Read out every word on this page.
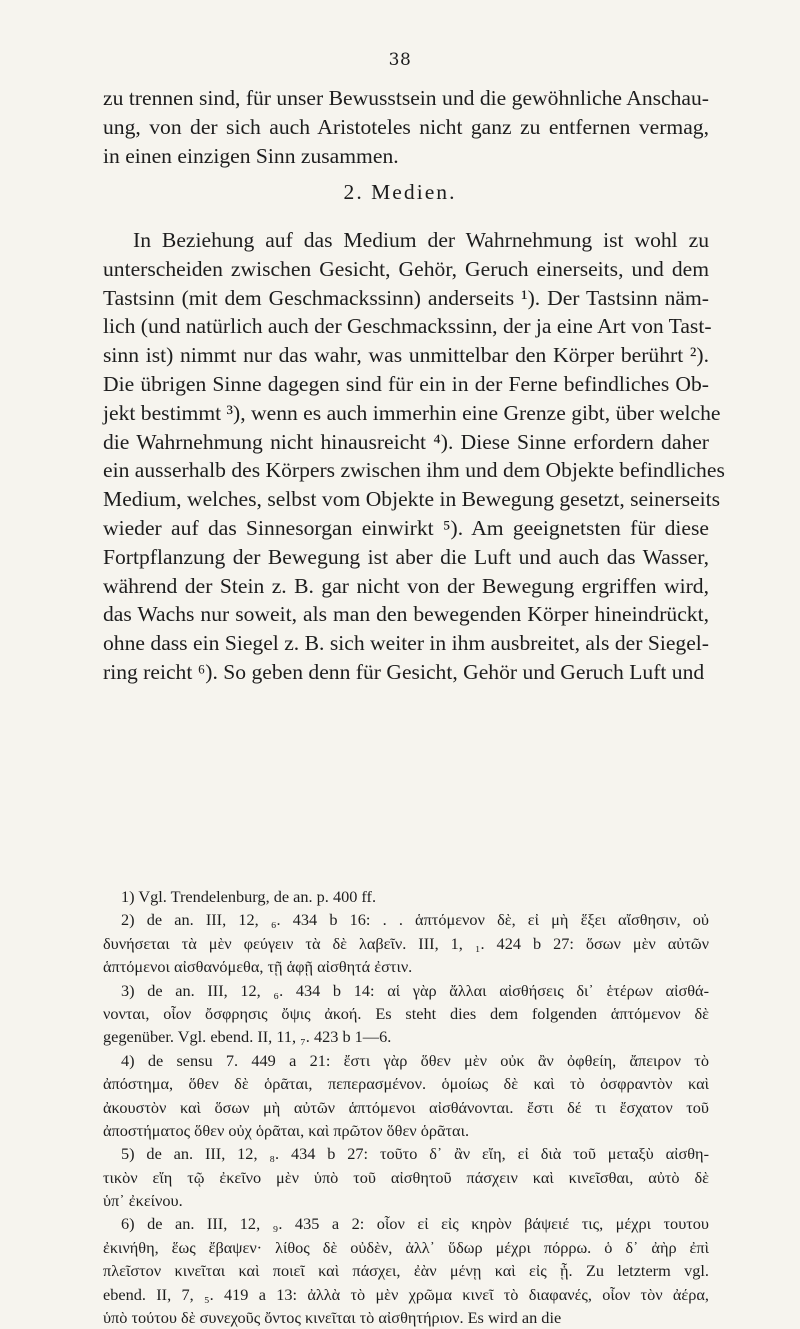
38
zu trennen sind, für unser Bewusstsein und die gewöhnliche Anschau-
ung, von der sich auch Aristoteles nicht ganz zu entfernen vermag,
in einen einzigen Sinn zusammen.
2. Medien.
In Beziehung auf das Medium der Wahrnehmung ist wohl zu
unterscheiden zwischen Gesicht, Gehör, Geruch einerseits, und dem
Tastsinn (mit dem Geschmackssinn) anderseits ¹). Der Tastsinn näm-
lich (und natürlich auch der Geschmackssinn, der ja eine Art von Tast-
sinn ist) nimmt nur das wahr, was unmittelbar den Körper berührt ²).
Die übrigen Sinne dagegen sind für ein in der Ferne befindliches Ob-
jekt bestimmt ³), wenn es auch immerhin eine Grenze gibt, über welche
die Wahrnehmung nicht hinausreicht ⁴). Diese Sinne erfordern daher
ein ausserhalb des Körpers zwischen ihm und dem Objekte befindliches
Medium, welches, selbst vom Objekte in Bewegung gesetzt, seinerseits
wieder auf das Sinnesorgan einwirkt ⁵). Am geeignetsten für diese
Fortpflanzung der Bewegung ist aber die Luft und auch das Wasser,
während der Stein z. B. gar nicht von der Bewegung ergriffen wird,
das Wachs nur soweit, als man den bewegenden Körper hineindrückt,
ohne dass ein Siegel z. B. sich weiter in ihm ausbreitet, als der Siegel-
ring reicht ⁶). So geben denn für Gesicht, Gehör und Geruch Luft und
1) Vgl. Trendelenburg, de an. p. 400 ff.
2) de an. III, 12, ₆. 434 b 16: . . ἁπτόμενον δὲ, εἰ μὴ ἕξει αἴσθησιν, οὐ
δυνήσεται τὰ μὲν φεύγειν τὰ δὲ λαβεῖν. III, 1, ₁. 424 b 27: ὅσων μὲν αὐτῶν
ἁπτόμενοι αἰσθανόμεθα, τῇ ἁφῇ αἰσθητά ἐστιν.
3) de an. III, 12, ₆. 434 b 14: αἱ γὰρ ἄλλαι αἰσθήσεις δι᾽ ἑτέρων αἰσθά-
νονται, οἷον ὄσφρησις ὄψις ἀκοή. Es steht dies dem folgenden ἁπτόμενον δὲ
gegenüber. Vgl. ebend. II, 11, ₇. 423 b 1—6.
4) de sensu 7. 449 a 21: ἔστι γὰρ ὅθεν μὲν οὐκ ἂν ὀφθείη, ἄπειρον τὸ
ἀπόστημα, ὅθεν δὲ ὁρᾶται, πεπερασμένον. ὁμοίως δὲ καὶ τὸ ὀσφραντὸν καὶ
ἀκουστὸν καὶ ὅσων μὴ αὐτῶν ἁπτόμενοι αἰσθάνονται. ἔστι δέ τι ἔσχατον τοῦ
ἀποστήματος ὅθεν οὐχ ὁρᾶται, καὶ πρῶτον ὅθεν ὁρᾶται.
5) de an. III, 12, ₈. 434 b 27: τοῦτο δ᾽ ἂν εἴη, εἰ διὰ τοῦ μεταξὺ αἰσθη-
τικὸν εἴη τῷ ἐκεῖνο μὲν ὑπὸ τοῦ αἰσθητοῦ πάσχειν καὶ κινεῖσθαι, αὐτὸ δὲ
ὑπ᾽ ἐκείνου.
6) de an. III, 12, ₉. 435 a 2: οἷον εἰ εἰς κηρὸν βάψειέ τις, μέχρι τουτου
ἐκινήθη, ἕως ἔβαψεν· λίθος δὲ οὐδὲν, ἀλλ᾽ ὕδωρ μέχρι πόρρω. ὁ δ᾽ ἀὴρ ἐπὶ
πλεῖστον κινεῖται καὶ ποιεῖ καὶ πάσχει, ἐὰν μένῃ καὶ εἰς ᾖ. Zu letzterm vgl.
ebend. II, 7, ₅. 419 a 13: ἀλλὰ τὸ μὲν χρῶμα κινεῖ τὸ διαφανές, οἷον τὸν ἀέρα,
ὑπὸ τούτου δὲ συνεχοῦς ὄντος κινεῖται τὸ αἰσθητήριον. Es wird an die
